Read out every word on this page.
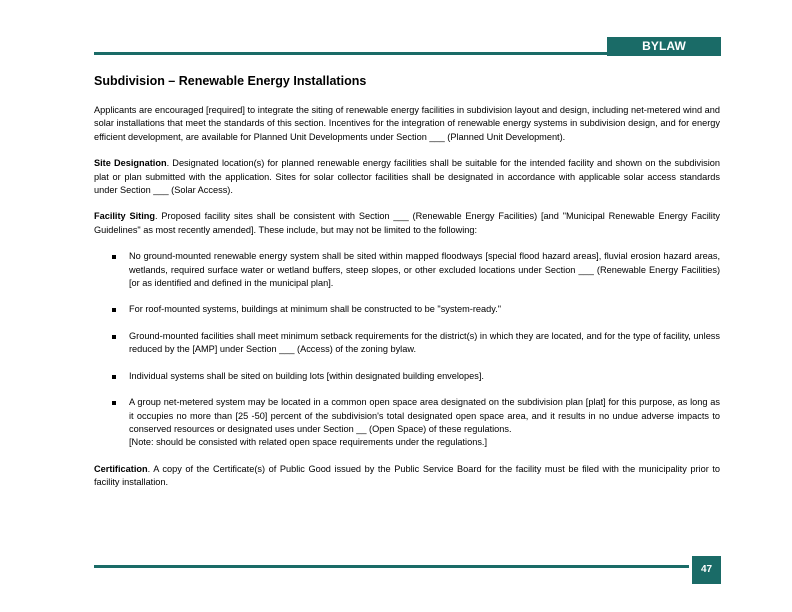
BYLAW STANDARDS
Subdivision – Renewable Energy Installations

Applicants are encouraged [required] to integrate the siting of renewable energy facilities in subdivision layout and design, including net-metered wind and solar installations that meet the standards of this section. Incentives for the integration of renewable energy systems in subdivision design, and for energy efficient development, are available for Planned Unit Developments under Section ___ (Planned Unit Development).

Site Designation. Designated location(s) for planned renewable energy facilities shall be suitable for the intended facility and shown on the subdivision plat or plan submitted with the application. Sites for solar collector facilities shall be designated in accordance with applicable solar access standards under Section ___ (Solar Access).

Facility Siting. Proposed facility sites shall be consistent with Section ___ (Renewable Energy Facilities) [and "Municipal Renewable Energy Facility Guidelines" as most recently amended]. These include, but may not be limited to the following:

No ground-mounted renewable energy system shall be sited within mapped floodways [special flood hazard areas], fluvial erosion hazard areas, wetlands, required surface water or wetland buffers, steep slopes, or other excluded locations under Section ___ (Renewable Energy Facilities) [or as identified and defined in the municipal plan].
For roof-mounted systems, buildings at minimum shall be constructed to be "system-ready."
Ground-mounted facilities shall meet minimum setback requirements for the district(s) in which they are located, and for the type of facility, unless reduced by the [AMP] under Section ___ (Access) of the zoning bylaw.
Individual systems shall be sited on building lots [within designated building envelopes].
A group net-metered system may be located in a common open space area designated on the subdivision plan [plat] for this purpose, as long as it occupies no more than [25 -50] percent of the subdivision's total designated open space area, and it results in no undue adverse impacts to conserved resources or designated uses under Section __ (Open Space) of these regulations.
[Note: should be consisted with related open space requirements under the regulations.]

Certification. A copy of the Certificate(s) of Public Good issued by the Public Service Board for the facility must be filed with the municipality prior to facility installation.

47
